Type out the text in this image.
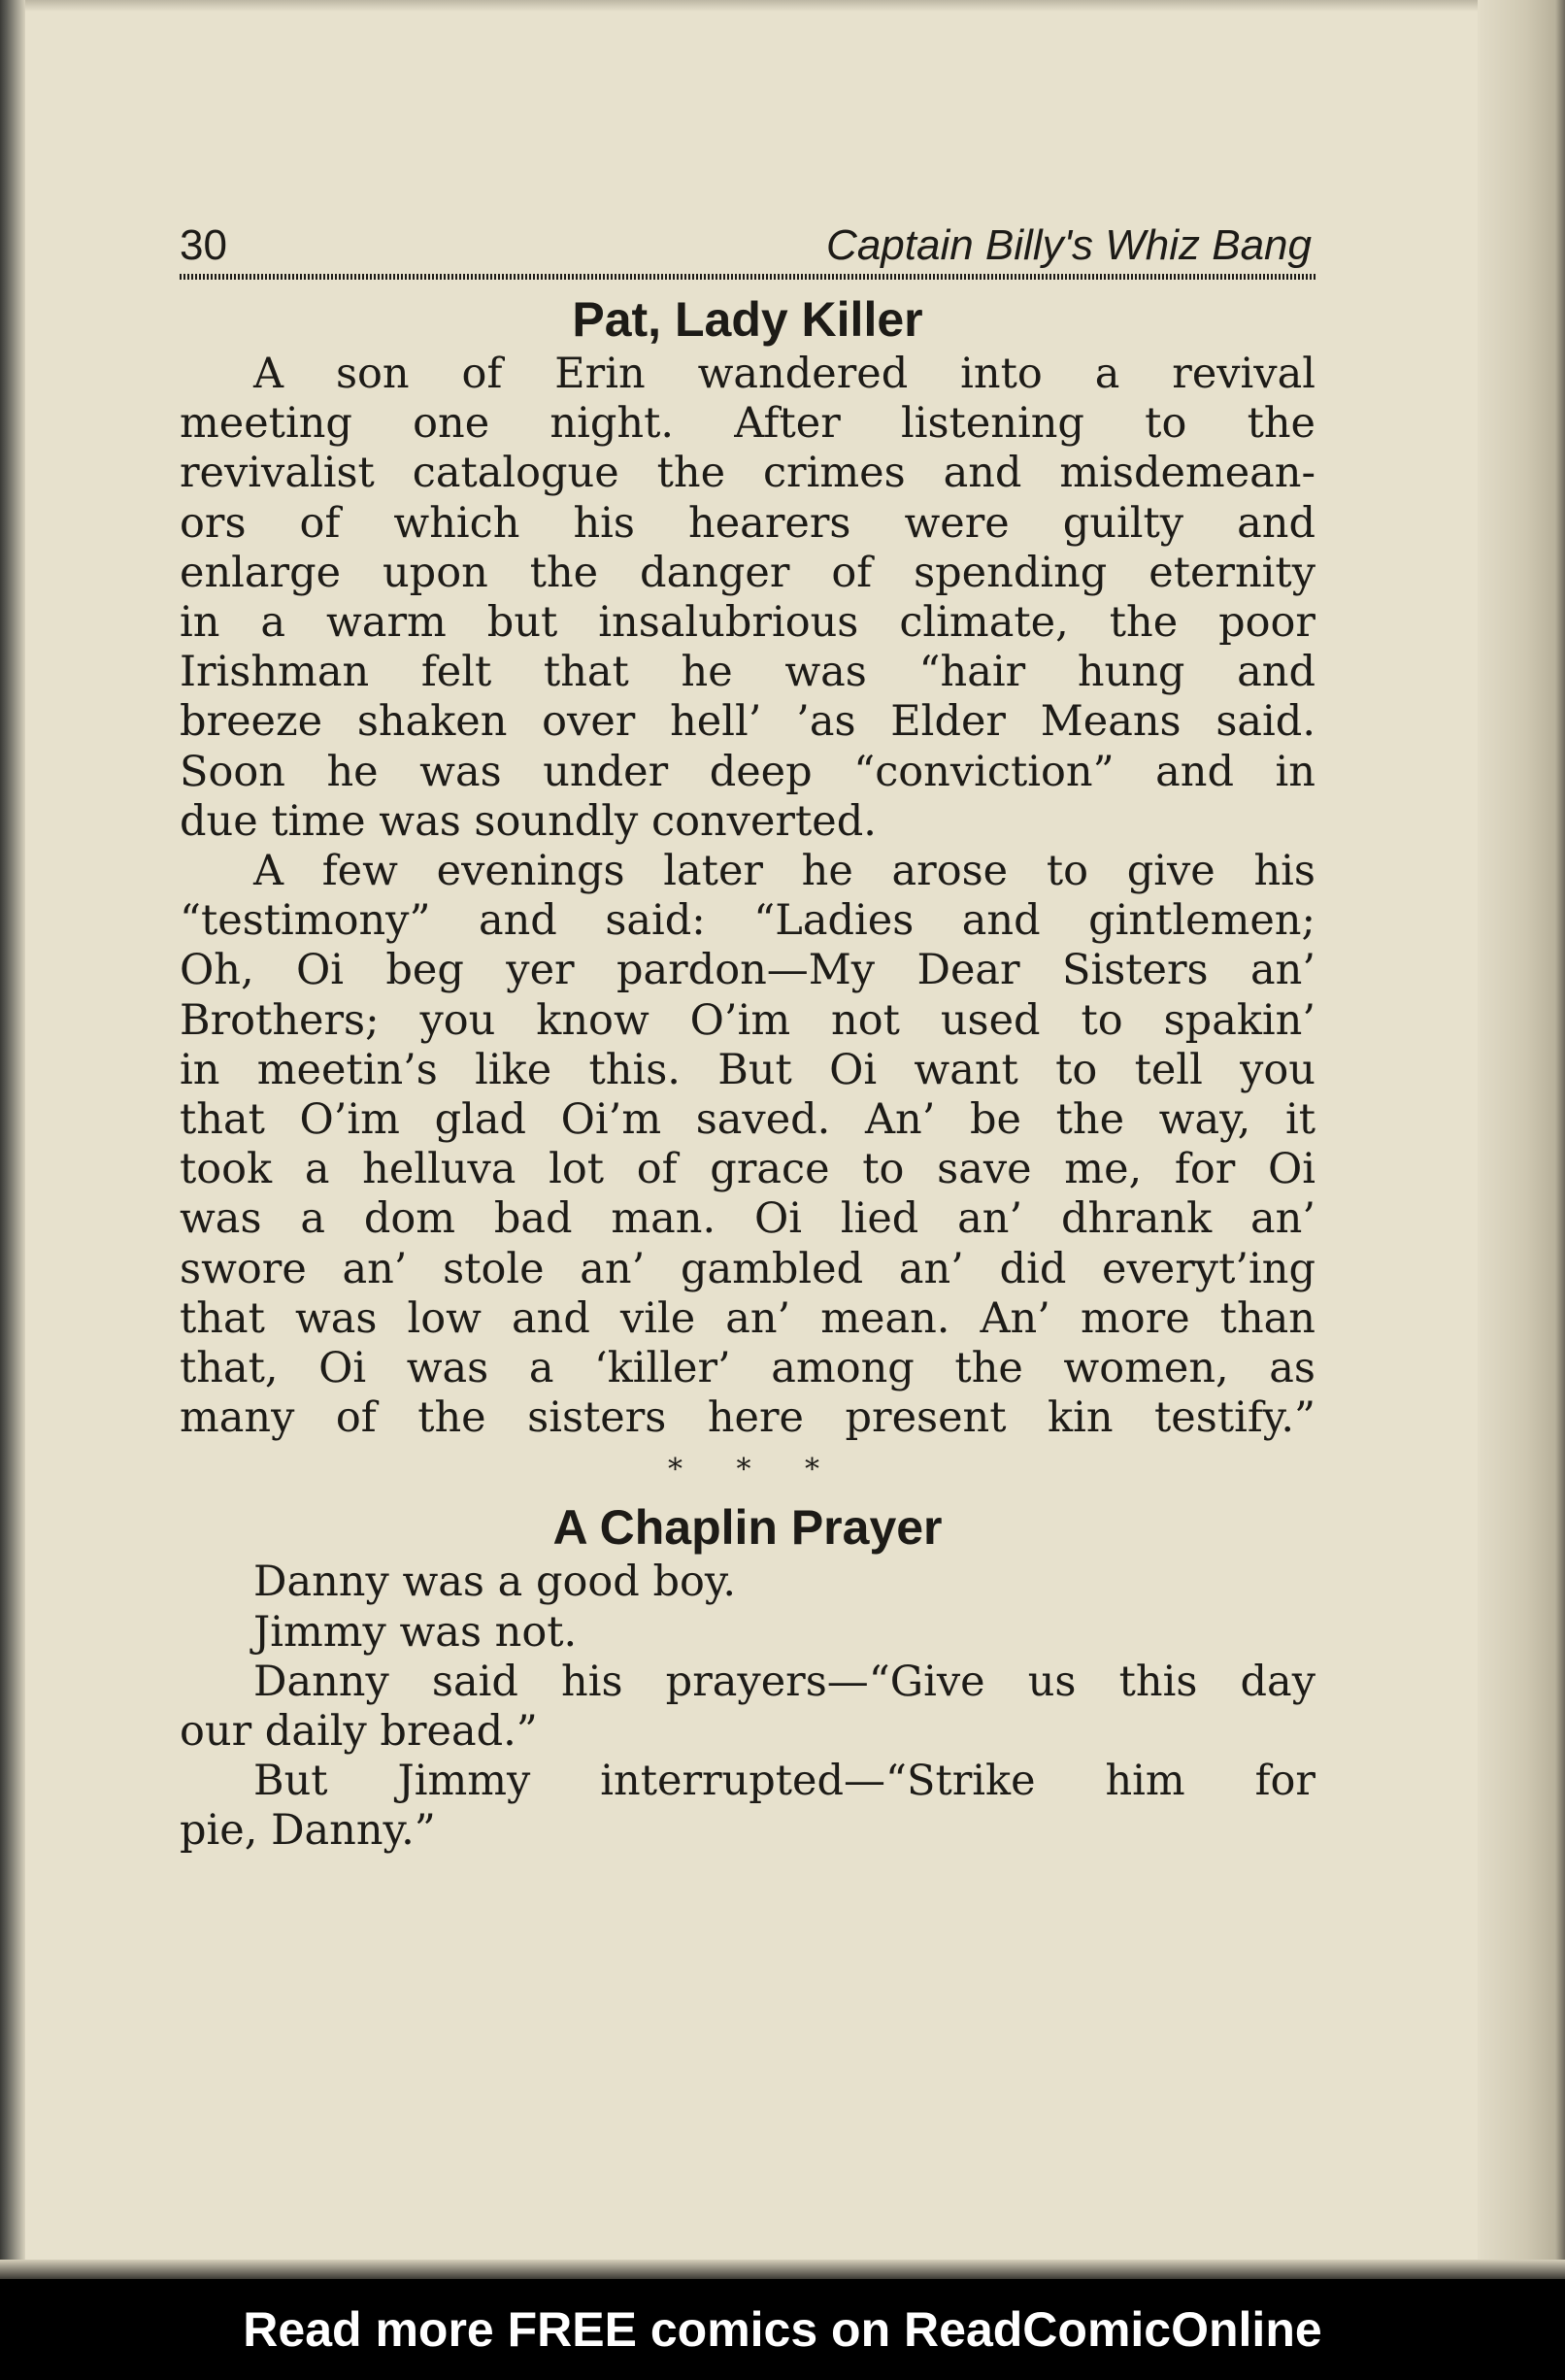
30	Captain Billy's Whiz Bang
Pat, Lady Killer
A son of Erin wandered into a revival
meeting one night. After listening to the
revivalist catalogue the crimes and misdemean-
ors of which his hearers were guilty and
enlarge upon the danger of spending eternity
in a warm but insalubrious climate, the poor
Irishman felt that he was “hair hung and
breeze shaken over hell’ ’as Elder Means said.
Soon he was under deep “conviction” and in
due time was soundly converted.
A few evenings later he arose to give his
“testimony” and said: “Ladies and gintlemen;
Oh, Oi beg yer pardon—My Dear Sisters an’
Brothers; you know O’im not used to spakin’
in meetin’s like this. But Oi want to tell you
that O’im glad Oi’m saved. An’ be the way, it
took a helluva lot of grace to save me, for Oi
was a dom bad man. Oi lied an’ dhrank an’
swore an’ stole an’ gambled an’ did everyt’ing
that was low and vile an’ mean. An’ more than
that, Oi was a ‘killer’ among the women, as
many of the sisters here present kin testify.”
* * *
A Chaplin Prayer
Danny was a good boy.
Jimmy was not.
Danny said his prayers—“Give us this day
our daily bread.”
But Jimmy interrupted—“Strike him for
pie, Danny.”
Read more FREE comics on ReadComicOnline
